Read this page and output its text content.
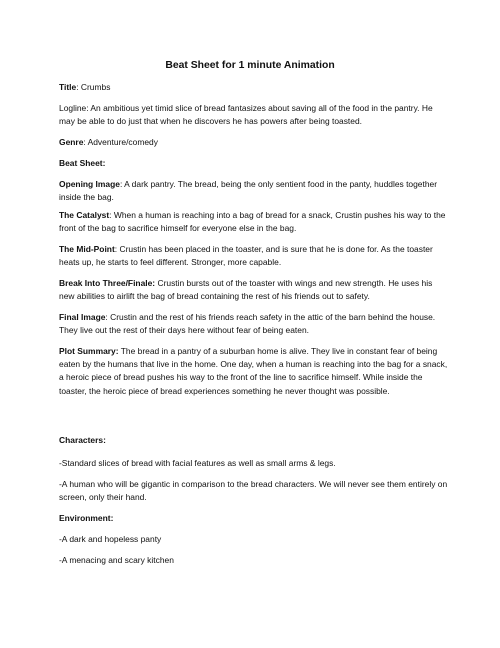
Beat Sheet for 1 minute Animation

Title: Crumbs

Logline: An ambitious yet timid slice of bread fantasizes about saving all of the food in the pantry. He may be able to do just that when he discovers he has powers after being toasted.

Genre: Adventure/comedy

Beat Sheet:

Opening Image: A dark pantry. The bread, being the only sentient food in the panty, huddles together inside the bag.

The Catalyst: When a human is reaching into a bag of bread for a snack, Crustin pushes his way to the front of the bag to sacrifice himself for everyone else in the bag.

The Mid-Point: Crustin has been placed in the toaster, and is sure that he is done for. As the toaster heats up, he starts to feel different. Stronger, more capable.

Break Into Three/Finale: Crustin bursts out of the toaster with wings and new strength. He uses his new abilities to airlift the bag of bread containing the rest of his friends out to safety.

Final Image: Crustin and the rest of his friends reach safety in the attic of the barn behind the house. They live out the rest of their days here without fear of being eaten.

Plot Summary: The bread in a pantry of a suburban home is alive. They live in constant fear of being eaten by the humans that live in the home. One day, when a human is reaching into the bag for a snack, a heroic piece of bread pushes his way to the front of the line to sacrifice himself. While inside the toaster, the heroic piece of bread experiences something he never thought was possible.

Characters:

-Standard slices of bread with facial features as well as small arms & legs.

-A human who will be gigantic in comparison to the bread characters. We will never see them entirely on screen, only their hand.

Environment:

-A dark and hopeless panty

-A menacing and scary kitchen
